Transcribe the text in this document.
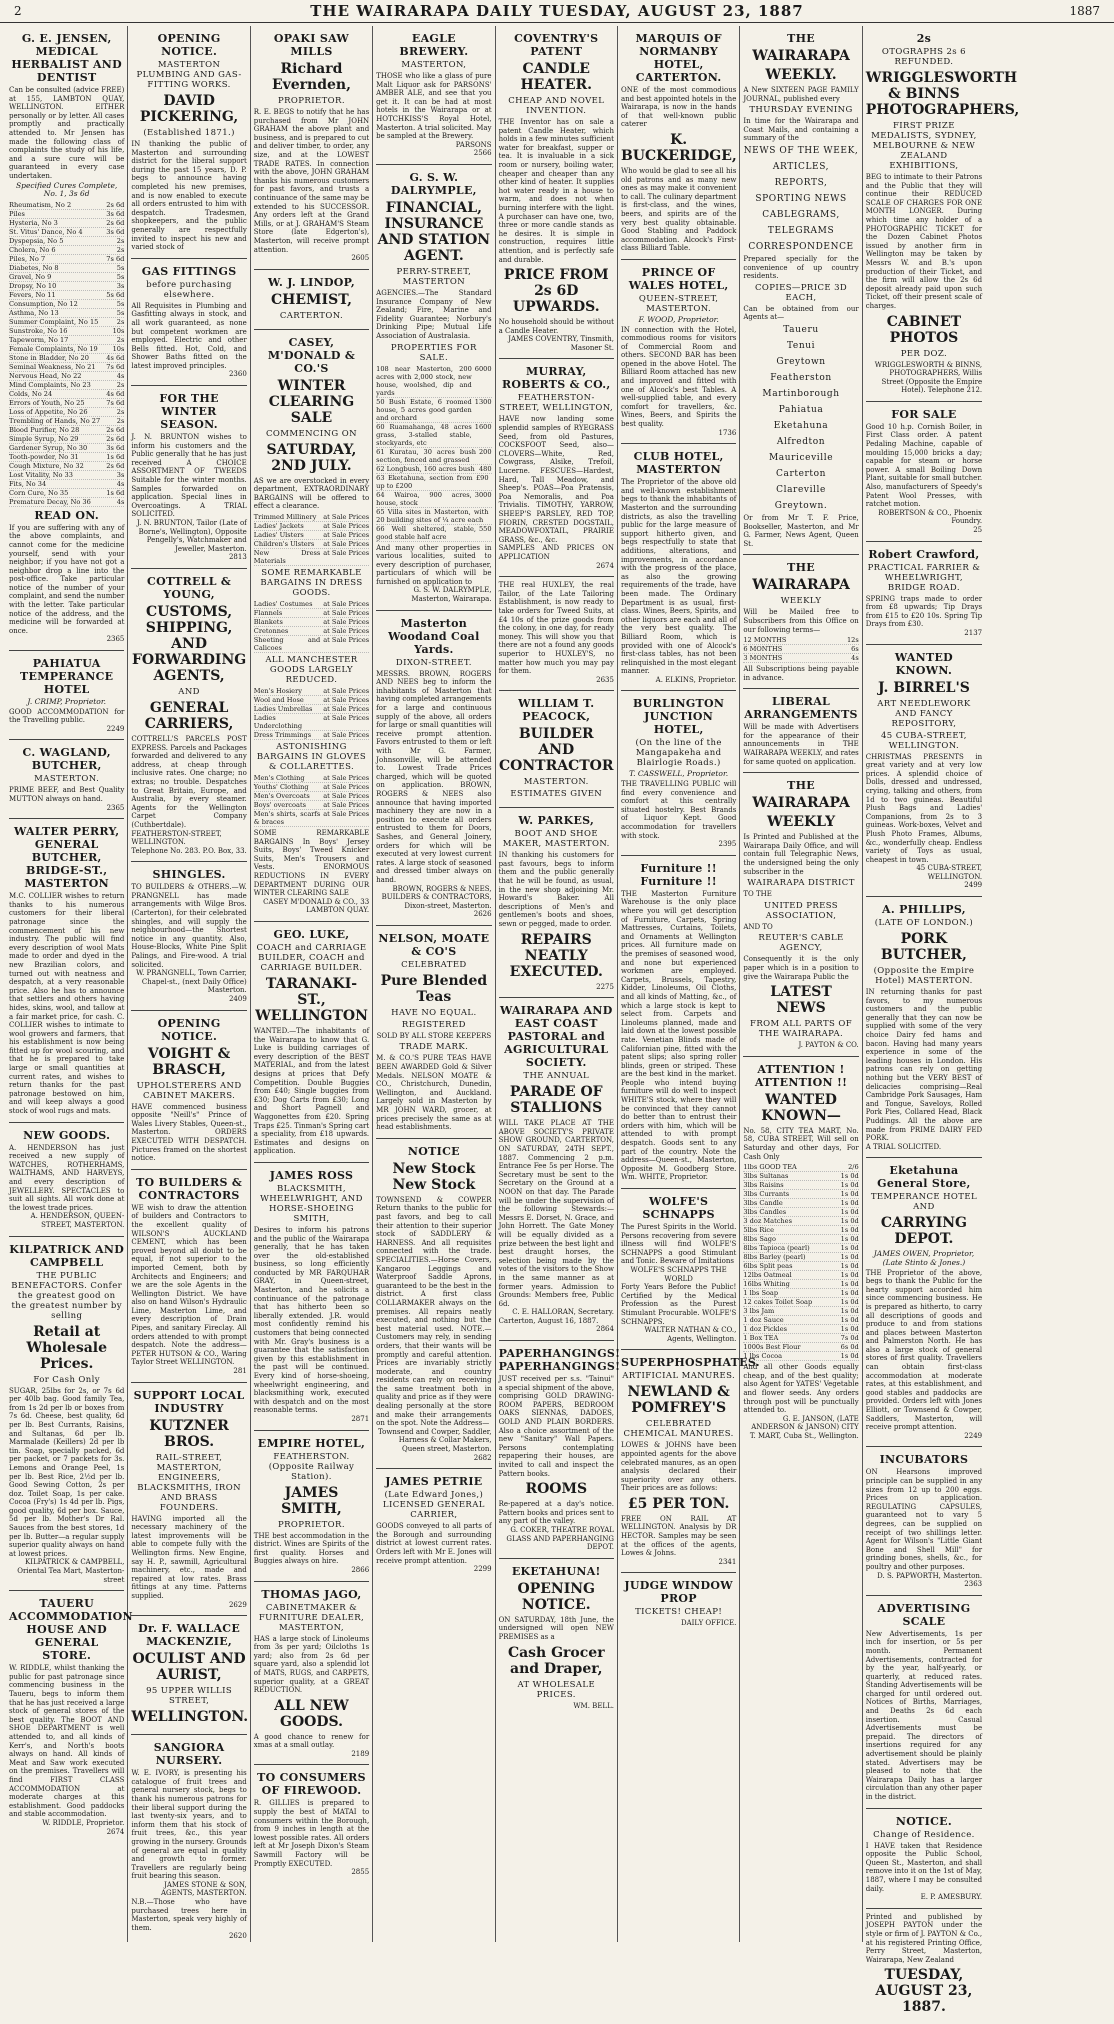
2	THE WAIRARAPA DAILY TUESDAY, AUGUST 23, 1887	1887
G. E. JENSEN, MEDICAL HERBALIST AND DENTIST
Can be consulted (advice FREE) at 155, LAMBTON QUAY, WELLINGTON. EITHER personally or by letter. All cases promptly and practically attended to. Mr Jensen has made the following class of complaints the study of his life, and a sure cure will be guaranteed in every case undertaken.
Specified Cures Complete, No. 1, 3s 6d
Rheumatism, No 2	2s 6d
Piles	3s 6d
Hysteria, No 3	2s 6d
St. Vitus' Dance, No 4	3s 6d
Dyspepsia, No 5	2s
Cholera, No 6	2s
Piles, No 7	7s 6d
Diabetes, No 8	5s
Gravel, No 9	5s
Dropsy, No 10	3s
Fevers, No 11	5s 6d
Consumption, No 12	5s
Asthma, No 13	5s
Summer Complaint, No 15	2s
Sunstroke, No 16	10s
Tapeworm, No 17	2s
Female Complaints, No 19	10s
Stone in Bladder, No 20	4s 6d
Seminal Weakness, No 21	7s 6d
Nervous Head, No 22	4s
Mind Complaints, No 23	2s
Colds, No 24	4s 6d
Errors of Youth, No 25	7s 6d
Loss of Appetite, No 26	2s
Trembling of Hands, No 27	2s
Blood Purifier, No 28	2s 6d
Simple Syrup, No 29	2s 6d
Gardener Syrup, No 30	3s 6d
Tooth-powder, No 31	1s 6d
Cough Mixture, No 32	2s 6d
Lost Vitality, No 33	3s
Fits, No 34	4s
Corn Cure, No 35	1s 6d
Premature Decay, No 36	4s
READ ON.
If you are suffering with any of the above complaints, and cannot come for the medicine yourself, send with your neighbor; if you have not got a neighbor drop a line into the post-office. Take particular notice of the number of your complaint, and send the number with the letter. Take particular notice of the address, and the medicine will be forwarded at once.
2365
PAHIATUA TEMPERANCE HOTEL
J. CRIMP, Proprietor.
GOOD ACCOMMODATION for the Travelling public.
2249
C. WAGLAND, BUTCHER,
MASTERTON.
PRIME BEEF, and Best Quality MUTTON always on hand.
2365
WALTER PERRY, GENERAL BUTCHER, BRIDGE-ST., MASTERTON
M.C. COLLIER wishes to return thanks to his numerous customers for their liberal patronage since the commencement of his new industry. The public will find every description of wool Mats made to order and dyed in the new Brazilian colors, and turned out with neatness and despatch, at a very reasonable price. Also he has to announce that settlers and others having hides, skins, wool, and tallow at a fair market price, for cash. C. COLLIER wishes to intimate to wool growers and farmers, that his establishment is now being fitted up for wool scouring, and that he is prepared to take large or small quantities at current rates, and wishes to return thanks for the past patronage bestowed on him, and will keep always a good stock of wool rugs and mats.
NEW GOODS.
A. HENDERSON has just received a new supply of WATCHES, ROTHERHAMS, WALTHAMS, AND HARVEYS, and every description of JEWELLERY. SPECTACLES to suit all sights. All work done at the lowest trade prices.
A. HENDERSON, QUEEN-STREET, MASTERTON.
KILPATRICK AND CAMPBELL
THE PUBLIC BENEFACTORS. Confer the greatest good on the greatest number by selling
Retail at Wholesale Prices.
For Cash Only
SUGAR, 25lbs for 2s, or 7s 6d per 40lb bag. Good family Tea, from 1s 2d per lb or boxes from 7s 6d. Cheese, best quality, 6d per lb. Best Currants, Raisins, and Sultanas, 6d per lb. Marmalade (Keillers) 2d per lb tin. Soap, specially packed, 6d per packet, or 7 packets for 3s. Lemons and Orange Peel, 1s per lb. Best Rice, 2½d per lb. Good Sewing Cotton, 2s per doz. Toilet Soap, 1s per cake. Cocoa (Fry's) 1s 4d per lb. Pigs, good quality, 6d per box. Sauce, 5d per lb. Mother's Dr Ral. Sauces from the best stores, 1d per lb. Butter—a regular supply superior quality always on hand at lowest prices.
KILPATRICK & CAMPBELL, Oriental Tea Mart, Masterton-street
TAUERU ACCOMMODATION HOUSE AND GENERAL STORE.
W. RIDDLE, whilst thanking the public for past patronage since commencing business in the Taueru, begs to inform them that he has just received a large stock of general stores of the best quality. The BOOT AND SHOE DEPARTMENT is well attended to, and all kinds of Kerr's, and North's boots always on hand. All kinds of Meat and Saw work executed on the premises. Travellers will find FIRST CLASS ACCOMMODATION at moderate charges at this establishment. Good paddocks and stable accommodation.
W. RIDDLE, Proprietor.
2674
OPENING NOTICE.
MASTERTON PLUMBING AND GAS-FITTING WORKS.
DAVID PICKERING,
(Established 1871.)
IN thanking the public of Masterton and surrounding district for the liberal support during the past 15 years, D. P. begs to announce having completed his new premises, and is now enabled to execute all orders entrusted to him with despatch. Tradesmen, shopkeepers, and the public generally are respectfully invited to inspect his new and varied stock of
GAS FITTINGS
before purchasing elsewhere.
All Requisites in Plumbing and Gasfitting always in stock, and all work guaranteed, as none but competent workmen are employed. Electric and other Bells fitted. Hot, Cold, and Shower Baths fitted on the latest improved principles.
2360
FOR THE WINTER SEASON.
J. N. BRUNTON wishes to inform his customers and the Public generally that he has just received A CHOICE ASSORTMENT OF TWEEDS Suitable for the winter months. Samples forwarded on application. Special lines in Overcoatings. A TRIAL SOLICITED.
J. N. BRUNTON, Tailor (Late of Borne's, Wellington), Opposite Pengelly's, Watchmaker and Jeweller, Masterton.
2813
COTTRELL & YOUNG,
CUSTOMS, SHIPPING, AND FORWARDING AGENTS,
AND
GENERAL CARRIERS,
COTTRELL'S PARCELS POST EXPRESS. Parcels and Packages forwarded and delivered to any address, at cheap through inclusive rates. One charge; no extras; no trouble. Despatches to Great Britain, Europe, and Australia, by every steamer. Agents for the Wellington Carpet Company (Cuthbertdale). FEATHERSTON-STREET, WELLINGTON.
Telephone No. 283. P.O. Box, 33.
SHINGLES.
TO BUILDERS & OTHERS.—W. PRANGNELL has made arrangements with Wilge Bros. (Carterton), for their celebrated shingles, and will supply the neighbourhood—the Shortest notice in any quantity. Also, House-Blocks, White Pine Split Palings, and Fire-wood. A trial solicited.
W. PRANGNELL, Town Carrier, Chapel-st., (next Daily Office) Masterton.
2409
OPENING NOTICE.
VOIGHT & BRASCH,
UPHOLSTERERS AND CABINET MAKERS.
HAVE commenced business opposite "Neill's" Prince of Wales Livery Stables, Queen-st., Masterton. ORDERS EXECUTED WITH DESPATCH. Pictures framed on the shortest notice.
TO BUILDERS & CONTRACTORS
WE wish to draw the attention of builders and Contractors to the excellent quality of WILSON'S AUCKLAND CEMENT, which has been proved beyond all doubt to be equal, if not superior to the imported Cement, both by Architects and Engineers; and we are the sole Agents in the Wellington District. We have also on hand Wilson's Hydraulic Lime, Masterton Lime, and every description of Drain Pipes, and sanitary Fireclay. All orders attended to with prompt despatch. Note the address—PETER HUTSON & CO., Waring Taylor Street WELLINGTON.
281
SUPPORT LOCAL INDUSTRY
KUTZNER BROS.
RAIL-STREET, MASTERTON, ENGINEERS, BLACKSMITHS, IRON AND BRASS FOUNDERS.
HAVING imported all the necessary machinery of the latest improvements will be able to compete fully with the Wellington firms. New Engine, say H. P., sawmill, Agricultural machinery, etc., made and repaired at low rates. Brass fittings at any time. Patterns supplied.
2629
Dr. F. WALLACE MACKENZIE,
OCULIST AND AURIST,
95 UPPER WILLIS STREET,
WELLINGTON.
SANGIORA NURSERY.
W. E. IVORY, is presenting his catalogue of fruit trees and general nursery stock, begs to thank his numerous patrons for their liberal support during the last twenty-six years, and to inform them that his stock of fruit trees, &c., this year growing in the nursery. Grounds of general are equal in quality and growth to former. Travellers are regularly being fruit bearing this season.
JAMES STONE & SON, AGENTS, MASTERTON.
N.B.—Those who have purchased trees here in Masterton, speak very highly of them.
2620
OPAKI SAW MILLS
Richard Evernden,
PROPRIETOR.
R. E. BEGS to notify that he has purchased from Mr JOHN GRAHAM the above plant and business, and is prepared to cut and deliver timber, to order, any size, and at the LOWEST TRADE RATES. In connection with the above, JOHN GRAHAM thanks his numerous customers for past favors, and trusts a continuance of the same may be extended to his SUCCESSOR. Any orders left at the Grand Mills, or at J. GRAHAM'S Steam Store (late Edgerton's), Masterton, will receive prompt attention.
2605
W. J. LINDOP,
CHEMIST,
CARTERTON.
CASEY, M'DONALD & CO.'S
WINTER CLEARING SALE
COMMENCING ON
SATURDAY, 2ND JULY.
AS we are overstocked in every department, EXTRAORDINARY BARGAINS will be offered to effect a clearance.
Trimmed Millinery	at Sale Prices
Ladies' Jackets	at Sale Prices
Ladies' Ulsters	at Sale Prices
Children's Ulsters	at Sale Prices
New Dress Materials
at Sale Prices
SOME REMARKABLE BARGAINS IN DRESS GOODS.
Ladies' Costumes	at Sale Prices
Flannels	at Sale Prices
Blankets	at Sale Prices
Cretonnes	at Sale Prices
Sheeting and Calicoes
at Sale Prices
ALL MANCHESTER GOODS LARGELY REDUCED.
Men's Hosiery	at Sale Prices
Wool and Hose	at Sale Prices
Ladies Umbrellas	at Sale Prices
Ladies Underclothing
at Sale Prices
Dress Trimmings	at Sale Prices
ASTONISHING BARGAINS IN GLOVES & COLLARETTES.
Men's Clothing	at Sale Prices
Youths' Clothing	at Sale Prices
Men's Overcoats	at Sale Prices
Boys' overcoats	at Sale Prices
Men's shirts, scarfs & braces
at Sale Prices
SOME REMARKABLE BARGAINS In Boys' Jersey Suits, Boys' Tweed Knicker Suits, Men's Trousers and Vests. ENORMOUS REDUCTIONS IN EVERY DEPARTMENT DURING OUR WINTER CLEARING SALE
CASEY M'DONALD & CO., 33 LAMBTON QUAY.
GEO. LUKE,
COACH and CARRIAGE BUILDER, COACH and CARRIAGE BUILDER.
TARANAKI-ST., WELLINGTON
WANTED.—The inhabitants of the Wairarapa to know that G. Luke is building carriages of every description of the BEST MATERIAL, and from the latest designs at prices that Defy Competition. Double Buggies from £40; Single buggies from £30; Dog Carts from £30; Long and Short Pagnell and Waggonettes from £20. Spring Traps £25. Tinman's Spring cart a speciality, from £18 upwards. Estimates and designs on application.
JAMES ROSS
BLACKSMITH, WHEELWRIGHT, AND HORSE-SHOEING SMITH,
Desires to inform his patrons and the public of the Wairarapa generally, that he has taken over the old-established business, so long efficiently conducted by MR FARQUHAR GRAY, in Queen-street, Masterton, and he solicits a continuance of the patronage that has hitherto been so liberally extended. J.R. would most confidently remind his customers that being connected with Mr. Gray's business is a guarantee that the satisfaction given by this establishment in the past will be continued. Every kind of horse-shoeing, wheelwright engineering, and blacksmithing work, executed with despatch and on the most reasonable terms.
2871
EMPIRE HOTEL,
FEATHERSTON. (Opposite Railway Station).
JAMES SMITH,
PROPRIETOR.
THE best accommodation in the district. Wines are Spirits of the first quality. Horses and Buggies always on hire.
2866
THOMAS JAGO,
CABINETMAKER & FURNITURE DEALER, MASTERTON,
HAS a large stock of Linoleums from 3s per yard; Oilcloths 1s yard; also from 2s 6d per square yard, also a splendid lot of MATS, RUGS, and CARPETS, superior quality, at a GREAT REDUCTION.
ALL NEW GOODS.
A good chance to renew for xmas at a small outlay.
2189
TO CONSUMERS OF FIREWOOD.
R. GILLIES is prepared to supply the best of MATAI to consumers within the Borough, from 9 inches in length at the lowest possible rates. All orders left at Mr Joseph Dixon's Steam Sawmill Factory will be Promptly EXECUTED.
2855
EAGLE BREWERY.
MASTERTON,
THOSE who like a glass of pure Malt Liquor ask for PARSONS' AMBER ALE, and see that you get it. It can be had at most hotels in the Wairarapa or at HOTCHKISS'S Royal Hotel, Masterton. A trial solicited. May be sampled at the Brewery.
PARSONS
2566
G. S. W. DALRYMPLE,
FINANCIAL, INSURANCE AND STATION AGENT.
PERRY-STREET, MASTERTON
AGENCIES.—The Standard Insurance Company of New Zealand; Fire, Marine and Fidelity Guarantee; Norbury's Drinking Pipe; Mutual Life Association of Australasia.
PROPERTIES FOR SALE.
108 near Masterton, 200 acres with 2,000 stock, new house, woolshed, dip and yards
6000
50 Bush Estate, 6 roomed house, 5 acres good garden and orchard
1300
60 Ruamahanga, 48 acres grass, 3-stalled stable, stockyards, etc
1600
61 Kuratau, 30 acres bush section, fenced and grassed
200
62 Longbush, 160 acres bush 480
63 Eketahuna, section from £90 up to £200
64 Wairoa, 900 acres, house, stock
3000
65 Villa sites in Masterton, with 20 building sites of ¼ acre each
66 Well sheltered, stable, good stable half acre
550
And many other properties in various localities, suited to every description of purchaser, particulars of which will be furnished on application to
G. S. W. DALRYMPLE, Masterton, Wairarapa.
Masterton Woodand Coal Yards.
DIXON-STREET.
MESSRS. BROWN, ROGERS AND NEES beg to inform the inhabitants of Masterton that having completed arrangements for a large and continuous supply of the above, all orders for large or small quantities will receive prompt attention. Favors entrusted to them or left with Mr G. Farmer, Johnsonville, will be attended to. Lowest Trade Prices charged, which will be quoted on application. BROWN, ROGERS & NEES also announce that having imported machinery they are now in a position to execute all orders entrusted to them for Doors, Sashes, and General Joinery, orders for which will be executed at very lowest current rates. A large stock of seasoned and dressed timber always on hand.
BROWN, ROGERS & NEES, BUILDERS & CONTRACTORS, Dixon-street, Masterton.
2626
NELSON, MOATE & CO'S
CELEBRATED
Pure Blended Teas
HAVE NO EQUAL.
REGISTERED
SOLD BY ALL STORE KEEPERS
TRADE MARK.
M. & CO.'S PURE TEAS HAVE BEEN AWARDED Gold & Silver Medals. NELSON MOATE & CO., Christchurch, Dunedin, Wellington, and Auckland. Largely sold in Masterton by MR JOHN WARD, grocer, at prices precisely the same as at head establishments.
NOTICE
New Stock New Stock
TOWNSEND & COWPER Return thanks to the public for past favors, and beg to call their attention to their superior stock of SADDLERY & HARNESS. And all requisites connected with the trade. SPECIALITIES.—Horse Covers, Kangaroo Leggings and Waterproof Saddle Aprons, guaranteed to be the best in the district. A first class COLLARMAKER always on the premises. All repairs neatly executed, and nothing but the best material used. NOTE.—Customers may rely, in sending orders, that their wants will be promptly and careful attention. Prices are invariably strictly moderate, and country residents can rely on receiving the same treatment both in quality and price as if they were dealing personally at the store and make their arrangements on the spot. Note the Address—
Townsend and Cowper, Saddler, Harness & Collar Makers, Queen street, Masterton.
2682
JAMES PETRIE
(Late Edward Jones,) LICENSED GENERAL CARRIER,
GOODS conveyed to all parts of the Borough and surrounding district at lowest current rates. Orders left with Mr E. Jones will receive prompt attention.
2299
COVENTRY'S PATENT
CANDLE HEATER.
CHEAP AND NOVEL INVENTION.
THE Inventor has on sale a patent Candle Heater, which holds in a few minutes sufficient water for breakfast, supper or tea. It is invaluable in a sick room or nursery, boiling water, cheaper and cheaper than any other kind of heater. It supplies hot water ready in a house to warm, and does not when burning interfere with the light. A purchaser can have one, two, three or more candle stands as he desires. It is simple in construction, requires little attention, and is perfectly safe and durable.
PRICE FROM 2s 6D UPWARDS.
No household should be without a Candle Heater.
JAMES COVENTRY, Tinsmith, Masoner St.
MURRAY, ROBERTS & CO.,
FEATHERSTON-STREET, WELLINGTON,
HAVE now landing some splendid samples of RYEGRASS Seed, from old Pastures, COCKSFOOT Seed, also— CLOVERS—White, Red, Cowgrass, Alsike, Trefoil, Lucerne. FESCUES—Hardest, Hard, Tall Meadow, and Sheep's. POAS—Poa Pratensis, Poa Nemoralis, and Poa Trivialis. TIMOTHY, YARROW, SHEEP'S PARSLEY, RED TOP, FIORIN, CRESTED DOGSTAIL, MEADOWFOXTAIL, PRAIRIE GRASS, &c., &c.
SAMPLES AND PRICES ON APPLICATION
2674
THE real HUXLEY, the real Tailor, of the Late Tailoring Establishment, is now ready to take orders for Tweed Suits, at £4 10s of the prize goods from the colony, in one day, for ready money. This will show you that there are not a found any goods superior to HUXLEY'S, no matter how much you may pay for them.
2635
WILLIAM T. PEACOCK,
BUILDER AND CONTRACTOR
MASTERTON.
ESTIMATES GIVEN
W. PARKES,
BOOT AND SHOE MAKER, MASTERTON.
IN thanking his customers for past favours, begs to inform them and the public generally that he will be found, as usual, in the new shop adjoining Mr. Howard's Baker. All descriptions of Men's and gentlemen's boots and shoes, sewn or pegged, made to order.
REPAIRS NEATLY EXECUTED.
2275
WAIRARAPA AND EAST COAST PASTORAL and AGRICULTURAL SOCIETY.
THE ANNUAL
PARADE OF STALLIONS
WILL TAKE PLACE AT THE ABOVE SOCIETY'S PRIVATE SHOW GROUND, CARTERTON, ON SATURDAY, 24TH SEPT., 1887. Commencing 2 p.m. Entrance Fee 5s per Horse. The Secretary must be sent to the Secretary on the Ground at a NOON on that day. The Parade will be under the supervision of the following Stewards:—Messrs E. Dorset, N. Grace, and John Horrett. The Gate Money will be equally divided as a prize between the best light and best draught horses, the selection being made by the votes of the visitors to the Show in the same manner as at former years. Admission to Grounds: Members free, Public 6d.
C. E. HALLORAN, Secretary.
Carterton, August 16, 1887.
2864
PAPERHANGINGS! PAPERHANGINGS!
JUST received per s.s. "Tainui" a special shipment of the above, comprising GOLD DRAWING-ROOM PAPERS, BEDROOM OAKS SIENNAS, DADOES, GOLD AND PLAIN BORDERS. Also a choice assortment of the new "Sanitary" Wall Papers. Persons contemplating repapering their houses, are invited to call and inspect the Pattern books.
ROOMS
Re-papered at a day's notice. Pattern books and prices sent to any part of the valley.
G. COKER, THEATRE ROYAL GLASS AND PAPERHANGING DEPOT.
EKETAHUNA!
OPENING NOTICE.
ON SATURDAY, 18th June, the undersigned will open NEW PREMISES as a
Cash Grocer and Draper,
AT WHOLESALE PRICES.
WM. BELL.
MARQUIS OF NORMANBY HOTEL, CARTERTON.
ONE of the most commodious and best appointed hotels in the Wairarapa, is now in the hands of that well-known public caterer
K. BUCKERIDGE,
Who would be glad to see all his old patrons and as many new ones as may make it convenient to call. The culinary department is first-class, and the wines, beers, and spirits are of the very best quality obtainable. Good Stabling and Paddock accommodation. Alcock's First-class Billiard Table.
PRINCE OF WALES HOTEL,
QUEEN-STREET, MASTERTON.
F. WOOD, Proprietor.
IN connection with the Hotel, commodious rooms for visitors of Commercial Room and others. SECOND BAR has been opened in the above Hotel. The Billiard Room attached has new and improved and fitted with one of Alcock's best Tables. A well-supplied table, and every comfort for travellers, &c. Wines, Beers, and Spirits the best quality.
1736
CLUB HOTEL, MASTERTON
The Proprietor of the above old and well-known establishment begs to thank the inhabitants of Masterton and the surrounding districts, as also the travelling public for the large measure of support hitherto given, and begs respectfully to state that additions, alterations, and improvements, in accordance with the progress of the place, as also the growing requirements of the trade, have been made. The Ordinary Department is as usual, first-class. Wines, Beers, Spirits, and other liquors are each and all of the very best quality. The Billiard Room, which is provided with one of Alcock's first-class tables, has not been relinquished in the most elegant manner.
A. ELKINS, Proprietor.
BURLINGTON JUNCTION HOTEL,
(On the line of the Mangapakeha and Blairlogie Roads.)
T. CASSWELL, Proprietor.
THE TRAVELLING PUBLIC will find every convenience and comfort at this centrally situated hostelry. Best Brands of Liquor Kept. Good accommodation for travellers with stock.
2395
Furniture !! Furniture !!
THE Masterton Furniture Warehouse is the only place where you will get description of Furniture, Carpets, Spring Mattresses, Curtains, Toilets, and Ornaments at Wellington prices. All furniture made on the premises of seasoned wood, and none but experienced workmen are employed. Carpets, Brussels, Tapestry, Kidder, Linoleums, Oil Cloths, and all kinds of Matting, &c., of which a large stock is kept to select from. Carpets and Linoleums planned, made and laid down at the lowest possible rate. Venetian Blinds made of Californian pine, fitted with the patent slips; also spring roller blinds, green or striped. These are the best kind in the market. People who intend buying furniture will do well to inspect WHITE'S stock, where they will be convinced that they cannot do better than to entrust their orders with him, which will be attended to with prompt despatch. Goods sent to any part of the country. Note the address—Queen-st., Masterton, Opposite M. Goodberg Store. Wm. WHITE, Proprietor.
WOLFE'S SCHNAPPS
The Purest Spirits in the World. Persons recovering from severe illness will find WOLFE'S SCHNAPPS a good Stimulant and Tonic. Beware of Imitations
WOLFE'S SCHNAPPS THE WORLD
Forty Years Before the Public! Certified by the Medical Profession as the Purest Stimulant Procurable. WOLFE'S SCHNAPPS.
WALTER NATHAN & CO., Agents, Wellington.
SUPERPHOSPHATES.
ARTIFICIAL MANURES.
NEWLAND & POMFREY'S
CELEBRATED CHEMICAL MANURES.
LOWES & JOHNS have been appointed agents for the above celebrated manures, as an open analysis declared their superiority over any others. Their prices are as follows:
£5 PER TON.
FREE ON RAIL AT WELLINGTON. Analysis by DR HECTOR. Samples may be seen at the offices of the agents, Lowes & Johns.
2341
JUDGE WINDOW PROP
TICKETS! CHEAP!
DAILY OFFICE.
THE
WAIRARAPA
WEEKLY.
A New SIXTEEN PAGE FAMILY JOURNAL, published every
THURSDAY EVENING
In time for the Wairarapa and Coast Mails, and containing a summary of the
NEWS OF THE WEEK,
ARTICLES,
REPORTS,
SPORTING NEWS
CABLEGRAMS,
TELEGRAMS
CORRESPONDENCE
Prepared specially for the convenience of up country residents.
COPIES—PRICE 3D EACH,
Can be obtained from our Agents at—
Taueru
Tenui
Greytown
Featherston
Martinborough
Pahiatua
Eketahuna
Alfredton
Mauriceville
Carterton
Clareville
Greytown.
Or from Mr T. F. Price, Bookseller, Masterton, and Mr G. Farmer, News Agent, Queen St.
THE
WAIRARAPA
WEEKLY
Will be Mailed free to Subscribers from this Office on our following terms—
12 MONTHS	12s
6 MONTHS	6s
3 MONTHS	4s
All Subscriptions being payable in advance.
LIBERAL ARRANGEMENTS
Will be made with Advertisers for the appearance of their announcements in THE WAIRARAPA WEEKLY, and rates for same quoted on application.
THE
WAIRARAPA
WEEKLY
Is Printed and Published at the Wairarapa Daily Office, and will contain full Telegraphic News, the undersigned being the only subscriber in the
WAIRARAPA DISTRICT
TO THE
UNITED PRESS ASSOCIATION,
AND TO
REUTER'S CABLE AGENCY,
Consequently it is the only paper which is in a position to give the Wairarapa Public the
LATEST NEWS
FROM ALL PARTS OF THE WAIRARAPA.
J. PAYTON & CO.
ATTENTION ! ATTENTION !!
WANTED KNOWN—
No. 58, CITY TEA MART, No. 58, CUBA STREET, Will sell on Saturday and other days, For Cash Only
1lbs GOOD TEA	2/6
3lbs Sultanas	1s 0d
3lbs Raisins	1s 0d
3lbs Currants	1s 0d
3lbs Candle	1s 0d
3lbs Candles	1s 0d
3 doz Matches	1s 0d
5lbs Rice	1s 0d
8lbs Sago	1s 0d
8lbs Tapioca (pearl)	1s 0d
8lbs Barley (pearl)	1s 0d
6lbs Split peas	1s 0d
12lbs Oatmeal	1s 0d
16lbs Whiting	1s 0d
1 lbs Soap	1s 0d
12 cakes Toilet Soap	1s 0d
3 lbs Jam	1s 0d
1 doz Sauce	1s 0d
1 doz Pickles	1s 0d
1 Box TEA	7s 0d
1000s Best Flour	6s 0d
1 lbs Cocoa	1s 0d
And all other Goods equally cheap, and of the best quality; also Agent for YATES' Vegetable and flower seeds. Any orders through post will be punctually attended to.
G. E. JANSON, (LATE ANDERSON & JANSON) CITY T. MART, Cuba St., Wellington.
2s
OTOGRAPHS 2s 6 REFUNDED.
WRIGGLESWORTH & BINNS PHOTOGRAPHERS,
FIRST PRIZE MEDALISTS, SYDNEY, MELBOURNE & NEW ZEALAND EXHIBITIONS,
BEG to intimate to their Patrons and the Public that they will continue their REDUCED SCALE OF CHARGES FOR ONE MONTH LONGER. During which time any holder of a PHOTOGRAPHIC TICKET for the Dozen Cabinet Photos issued by another firm in Wellington may be taken by Messrs W. and B.'s upon production of their Ticket, and the firm will allow the 2s 6d deposit already paid upon such Ticket, off their present scale of charges.
CABINET PHOTOS
PER DOZ.
WRIGGLESWORTH & BINNS, PHOTOGRAPHERS, Willis Street (Opposite the Empire Hotel). Telephone 212.
FOR SALE
Good 10 h.p. Cornish Boiler, in First Class order. A patent Pedaling Machine, capable of moulding 15,000 bricks a day; capable for steam or horse power. A small Boiling Down Plant, suitable for small butcher. Also, manufacturers of Speedy's Patent Wool Presses, with ratchet motion.
ROBERTSON & CO., Phoenix Foundry.
25
Robert Crawford,
PRACTICAL FARRIER & WHEELWRIGHT, BRIDGE ROAD.
SPRING traps made to order from £8 upwards; Tip Drays from £15 to £20 10s. Spring Tip Drays from £30.
2137
WANTED KNOWN.
J. BIRREL'S
ART NEEDLEWORK AND FANCY REPOSITORY,
45 CUBA-STREET, WELLINGTON.
CHRISTMAS PRESENTS in great variety and at very low prices. A splendid choice of Dolls, dressed and undressed, crying, talking and others, from 1d to two guineas. Beautiful Plush Bags and Ladies' Companions, from 2s to 3 guineas. Work-boxes, Velvet and Plush Photo Frames, Albums, &c., wonderfully cheap. Endless variety of Toys as usual, cheapest in town.
45 CUBA-STREET, WELLINGTON.
2499
A. PHILLIPS,
(LATE OF LONDON.)
PORK BUTCHER,
(Opposite the Empire Hotel) MASTERTON.
IN returning thanks for past favors, to my numerous customers and the public generally that they can now be supplied with some of the very choice Dairy fed hams and bacon. Having had many years experience in some of the leading houses in London. His patrons can rely on getting nothing but the VERY BEST of delicacies comprising—Real Cambridge Pork Sausages, Ham and Tongue, Saveloys, Rolled Pork Pies, Collared Head, Black Puddings. All the above are made from PRIME DAIRY FED PORK.
A TRIAL SOLICITED.
Eketahuna General Store,
TEMPERANCE HOTEL AND
CARRYING DEPOT.
JAMES OWEN, Proprietor, (Late Stinto & Jones.)
THE Proprietor of the above, begs to thank the Public for the hearty support accorded him since commencing business. He is prepared as hitherto, to carry all descriptions of goods and produce to and from stations and places between Masterton and Palmerston North. He has also a large stock of general stores of first quality. Travellers can obtain first-class accommodation at moderate rates, at this establishment, and good stables and paddocks are provided. Orders left with Jones Elliott, or Townsend & Cowper, Saddlers, Masterton, will receive prompt attention.
2249
INCUBATORS
ON Hearsons improved principle can be supplied in any sizes from 12 up to 200 eggs. Prices on application. REGULATING CAPSULES, guaranteed not to vary 5 degrees, can be supplied on receipt of two shillings letter. Agent for Wilson's "Little Giant Bone and Shell Mill" for grinding bones, shells, &c., for poultry and other purposes.
D. S. PAPWORTH, Masterton.
2363
ADVERTISING SCALE
New Advertisements, 1s per inch for insertion, or 5s per month. Permanent Advertisements, contracted for by the year, half-yearly, or quarterly, at reduced rates. Standing Advertisements will be charged for until ordered out. Notices of Births, Marriages, and Deaths 2s 6d each insertion. Casual Advertisements must be prepaid. The directors of insertions required for any advertisement should be plainly stated. Advertisers may be pleased to note that the Wairarapa Daily has a larger circulation than any other paper in the district.
NOTICE.
Change of Residence.
I HAVE taken that Residence opposite the Public School, Queen St., Masterton, and shall remove into it on the 1st of May, 1887, where I may be consulted daily.
E. P. AMESBURY.
Printed and published by JOSEPH PAYTON under the style or firm of J. PAYTON & Co., at his registered Printing Office, Perry Street, Masterton, Wairarapa, New Zealand
TUESDAY, AUGUST 23, 1887.
